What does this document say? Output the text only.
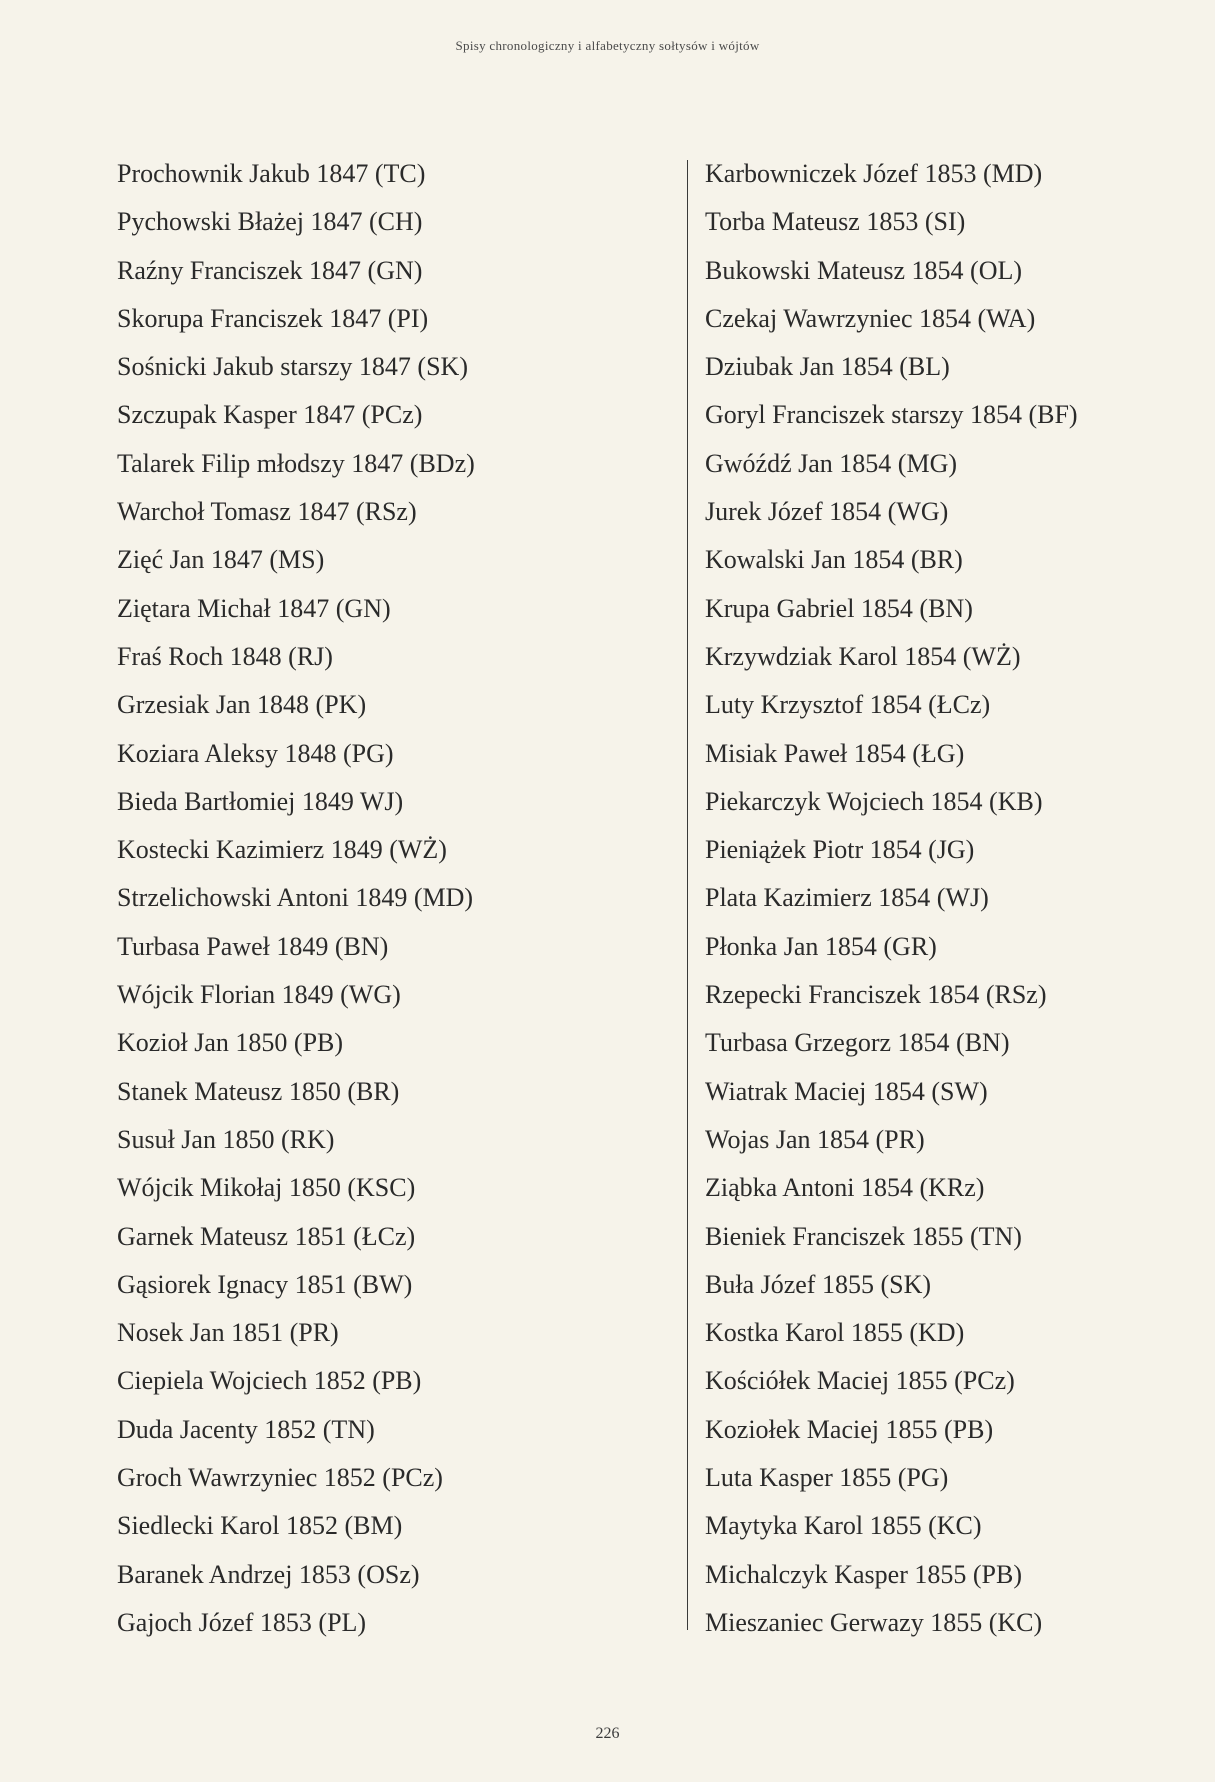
Spisy chronologiczny i alfabetyczny sołtysów i wójtów
Prochownik Jakub 1847 (TC)
Pychowski Błażej 1847 (CH)
Raźny Franciszek 1847 (GN)
Skorupa Franciszek 1847 (PI)
Sośnicki Jakub starszy 1847 (SK)
Szczupak Kasper 1847 (PCz)
Talarek Filip młodszy 1847 (BDz)
Warchoł Tomasz 1847 (RSz)
Zięć Jan 1847 (MS)
Ziętara Michał 1847 (GN)
Fraś Roch 1848 (RJ)
Grzesiak Jan 1848 (PK)
Koziara Aleksy 1848 (PG)
Bieda Bartłomiej 1849 WJ)
Kostecki Kazimierz 1849 (WŻ)
Strzelichowski Antoni 1849 (MD)
Turbasa Paweł 1849 (BN)
Wójcik Florian 1849 (WG)
Kozioł Jan 1850 (PB)
Stanek Mateusz 1850 (BR)
Susuł Jan 1850 (RK)
Wójcik Mikołaj 1850 (KSC)
Garnek Mateusz 1851 (ŁCz)
Gąsiorek Ignacy 1851 (BW)
Nosek Jan 1851 (PR)
Ciepiela Wojciech 1852 (PB)
Duda Jacenty 1852 (TN)
Groch Wawrzyniec 1852 (PCz)
Siedlecki Karol 1852 (BM)
Baranek Andrzej 1853 (OSz)
Gajoch Józef 1853 (PL)
Karbowniczek Józef 1853 (MD)
Torba Mateusz 1853 (SI)
Bukowski Mateusz 1854 (OL)
Czekaj Wawrzyniec 1854 (WA)
Dziubak Jan 1854 (BL)
Goryl Franciszek starszy 1854 (BF)
Gwóźdź Jan 1854 (MG)
Jurek Józef 1854 (WG)
Kowalski Jan 1854 (BR)
Krupa Gabriel 1854 (BN)
Krzywdziak Karol 1854 (WŻ)
Luty Krzysztof 1854 (ŁCz)
Misiak Paweł 1854 (ŁG)
Piekarczyk Wojciech 1854 (KB)
Pieniążek Piotr 1854 (JG)
Plata Kazimierz 1854 (WJ)
Płonka Jan 1854 (GR)
Rzepecki Franciszek 1854 (RSz)
Turbasa Grzegorz 1854 (BN)
Wiatrak Maciej 1854 (SW)
Wojas Jan 1854 (PR)
Ziąbka Antoni 1854 (KRz)
Bieniek Franciszek 1855 (TN)
Buła Józef 1855 (SK)
Kostka Karol 1855 (KD)
Kościółek Maciej 1855 (PCz)
Koziołek Maciej 1855 (PB)
Luta Kasper 1855 (PG)
Maytyka Karol 1855 (KC)
Michalczyk Kasper 1855 (PB)
Mieszaniec Gerwazy 1855 (KC)
226
